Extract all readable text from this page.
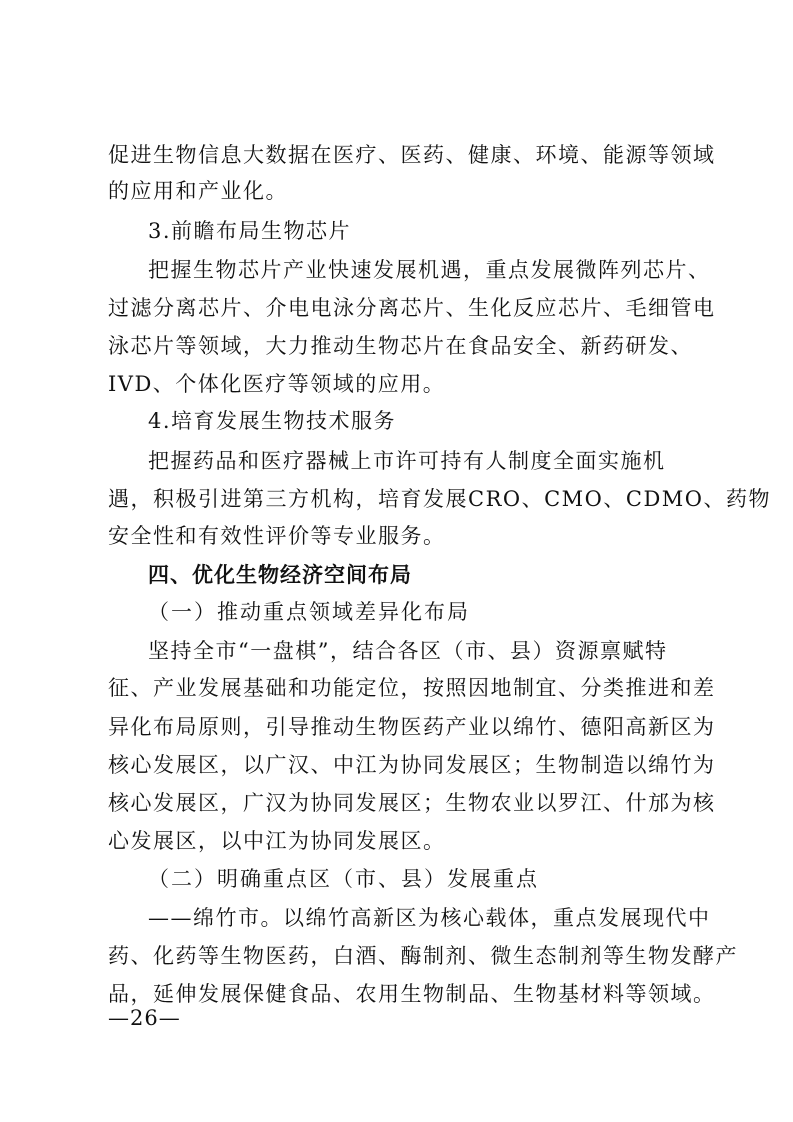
促进生物信息大数据在医疗、医药、健康、环境、能源等领域
的应用和产业化。
3.前瞻布局生物芯片
把握生物芯片产业快速发展机遇，重点发展微阵列芯片、
过滤分离芯片、介电电泳分离芯片、生化反应芯片、毛细管电
泳芯片等领域，大力推动生物芯片在食品安全、新药研发、
IVD、个体化医疗等领域的应用。
4.培育发展生物技术服务
把握药品和医疗器械上市许可持有人制度全面实施机
遇，积极引进第三方机构，培育发展CRO、CMO、CDMO、药物
安全性和有效性评价等专业服务。
四、优化生物经济空间布局
（一）推动重点领域差异化布局
坚持全市“一盘棋”，结合各区（市、县）资源禀赋特
征、产业发展基础和功能定位，按照因地制宜、分类推进和差
异化布局原则，引导推动生物医药产业以绵竹、德阳高新区为
核心发展区，以广汉、中江为协同发展区；生物制造以绵竹为
核心发展区，广汉为协同发展区；生物农业以罗江、什邡为核
心发展区，以中江为协同发展区。
（二）明确重点区（市、县）发展重点
——绵竹市。以绵竹高新区为核心载体，重点发展现代中
药、化药等生物医药，白酒、酶制剂、微生态制剂等生物发酵产
品，延伸发展保健食品、农用生物制品、生物基材料等领域。
—26—
